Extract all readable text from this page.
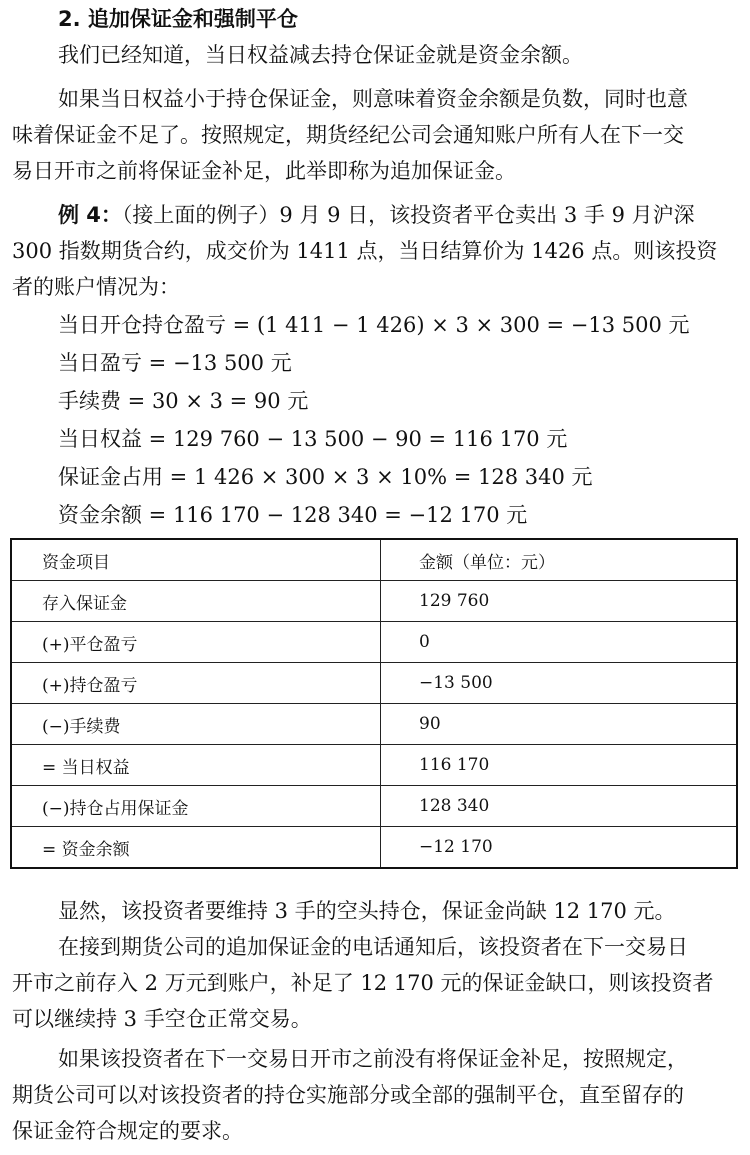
2. 追加保证金和强制平仓
我们已经知道，当日权益减去持仓保证金就是资金余额。
如果当日权益小于持仓保证金，则意味着资金余额是负数，同时也意
味着保证金不足了。按照规定，期货经纪公司会通知账户所有人在下一交
易日开市之前将保证金补足，此举即称为追加保证金。
例 4：（接上面的例子）9 月 9 日，该投资者平仓卖出 3 手 9 月沪深
300 指数期货合约，成交价为 1411 点，当日结算价为 1426 点。则该投资
者的账户情况为：
当日开仓持仓盈亏 = (1 411 − 1 426) × 3 × 300 = −13 500 元
当日盈亏 = −13 500 元
手续费 = 30 × 3 = 90 元
当日权益 = 129 760 − 13 500 − 90 = 116 170 元
保证金占用 = 1 426 × 300 × 3 × 10% = 128 340 元
资金余额 = 116 170 − 128 340 = −12 170 元
资金项目	金额（单位：元）
存入保证金	129 760
(+)平仓盈亏	0
(+)持仓盈亏	−13 500
(−)手续费	90
= 当日权益	116 170
(−)持仓占用保证金	128 340
= 资金余额	−12 170
显然，该投资者要维持 3 手的空头持仓，保证金尚缺 12 170 元。
在接到期货公司的追加保证金的电话通知后，该投资者在下一交易日
开市之前存入 2 万元到账户，补足了 12 170 元的保证金缺口，则该投资者
可以继续持 3 手空仓正常交易。
如果该投资者在下一交易日开市之前没有将保证金补足，按照规定，
期货公司可以对该投资者的持仓实施部分或全部的强制平仓，直至留存的
保证金符合规定的要求。
